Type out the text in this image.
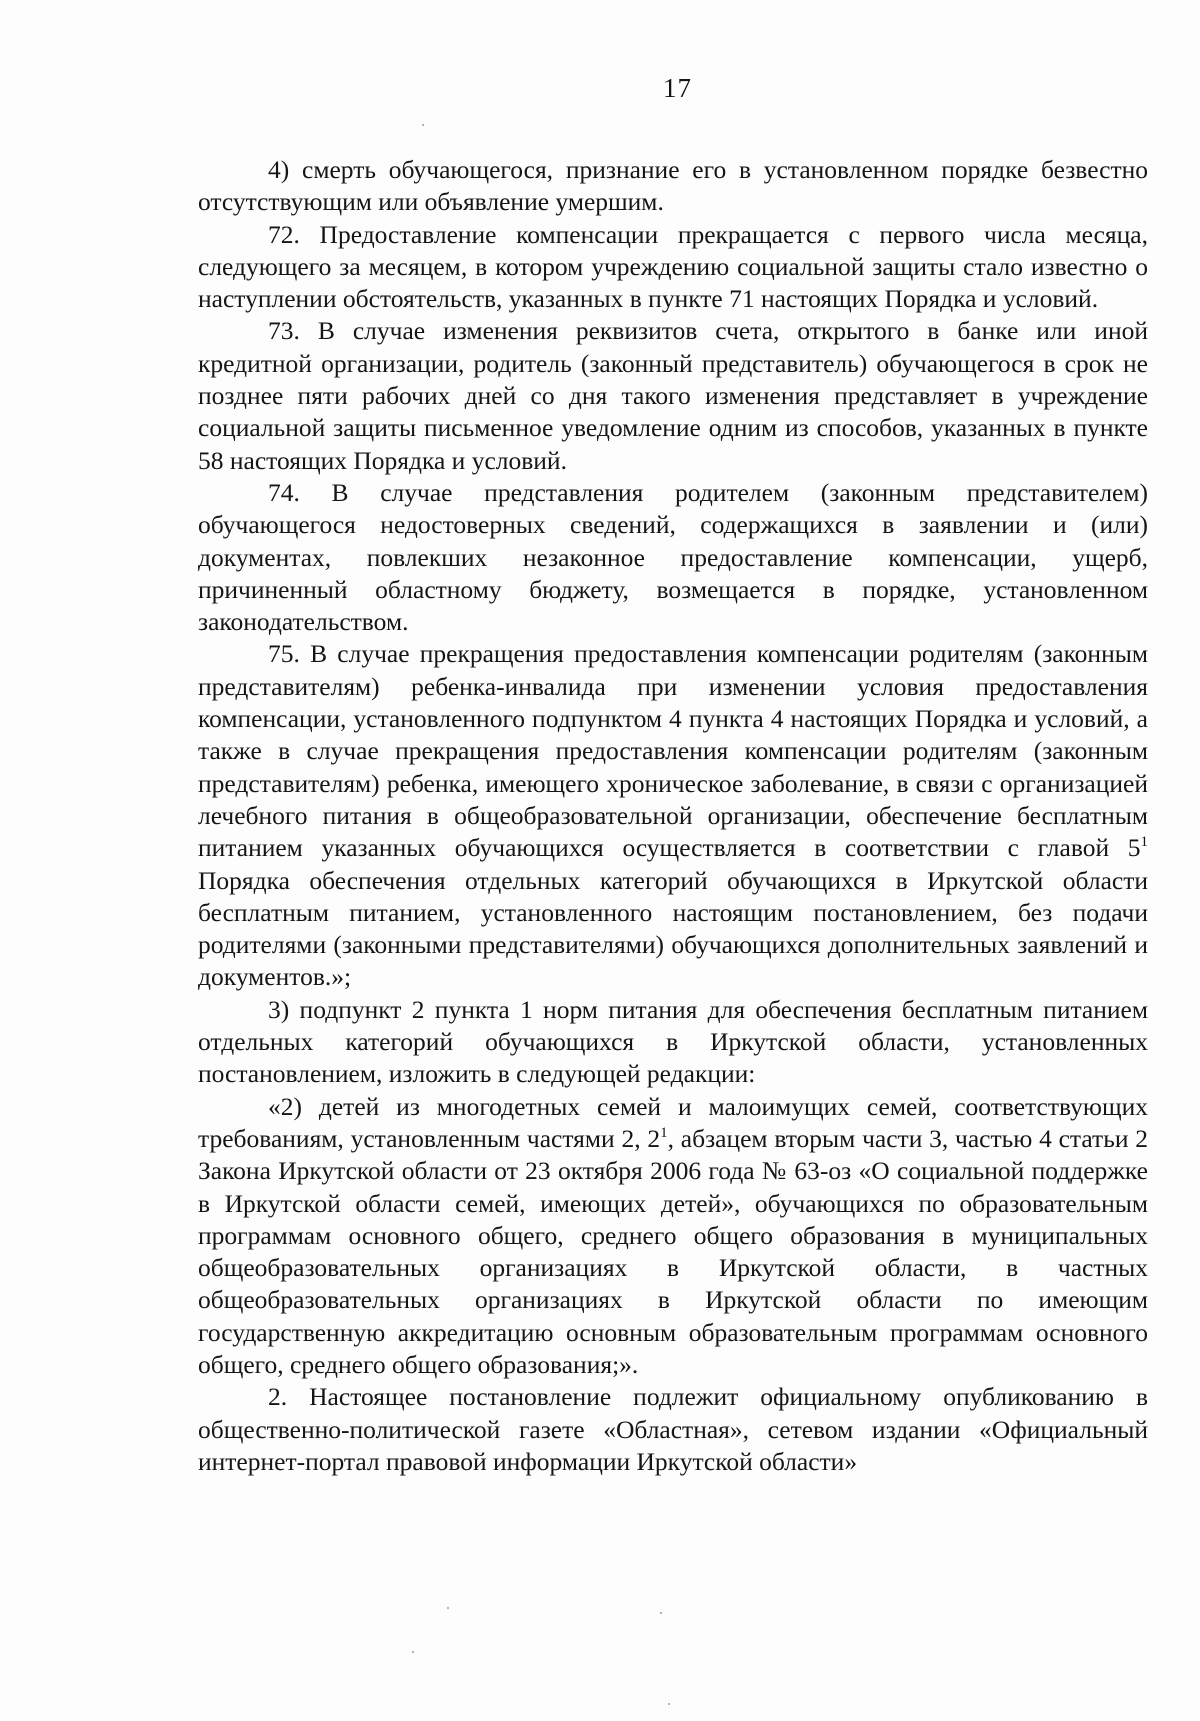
17

4) смерть обучающегося, признание его в установленном порядке безвестно отсутствующим или объявление умершим.

72. Предоставление компенсации прекращается с первого числа месяца, следующего за месяцем, в котором учреждению социальной защиты стало известно о наступлении обстоятельств, указанных в пункте 71 настоящих Порядка и условий.

73. В случае изменения реквизитов счета, открытого в банке или иной кредитной организации, родитель (законный представитель) обучающегося в срок не позднее пяти рабочих дней со дня такого изменения представляет в учреждение социальной защиты письменное уведомление одним из способов, указанных в пункте 58 настоящих Порядка и условий.

74. В случае представления родителем (законным представителем) обучающегося недостоверных сведений, содержащихся в заявлении и (или) документах, повлекших незаконное предоставление компенсации, ущерб, причиненный областному бюджету, возмещается в порядке, установленном законодательством.

75. В случае прекращения предоставления компенсации родителям (законным представителям) ребенка-инвалида при изменении условия предоставления компенсации, установленного подпунктом 4 пункта 4 настоящих Порядка и условий, а также в случае прекращения предоставления компенсации родителям (законным представителям) ребенка, имеющего хроническое заболевание, в связи с организацией лечебного питания в общеобразовательной организации, обеспечение бесплатным питанием указанных обучающихся осуществляется в соответствии с главой $5^1$ Порядка обеспечения отдельных категорий обучающихся в Иркутской области бесплатным питанием, установленного настоящим постановлением, без подачи родителями (законными представителями) обучающихся дополнительных заявлений и документов.»;

3) подпункт 2 пункта 1 норм питания для обеспечения бесплатным питанием отдельных категорий обучающихся в Иркутской области, установленных постановлением, изложить в следующей редакции:

«2) детей из многодетных семей и малоимущих семей, соответствующих требованиям, установленным частями 2, $2^1$, абзацем вторым части 3, частью 4 статьи 2 Закона Иркутской области от 23 октября 2006 года № 63-оз «О социальной поддержке в Иркутской области семей, имеющих детей», обучающихся по образовательным программам основного общего, среднего общего образования в муниципальных общеобразовательных организациях в Иркутской области, в частных общеобразовательных организациях в Иркутской области по имеющим государственную аккредитацию основным образовательным программам основного общего, среднего общего образования;».

2. Настоящее постановление подлежит официальному опубликованию в общественно-политической газете «Областная», сетевом издании «Официальный интернет-портал правовой информации Иркутской области»
